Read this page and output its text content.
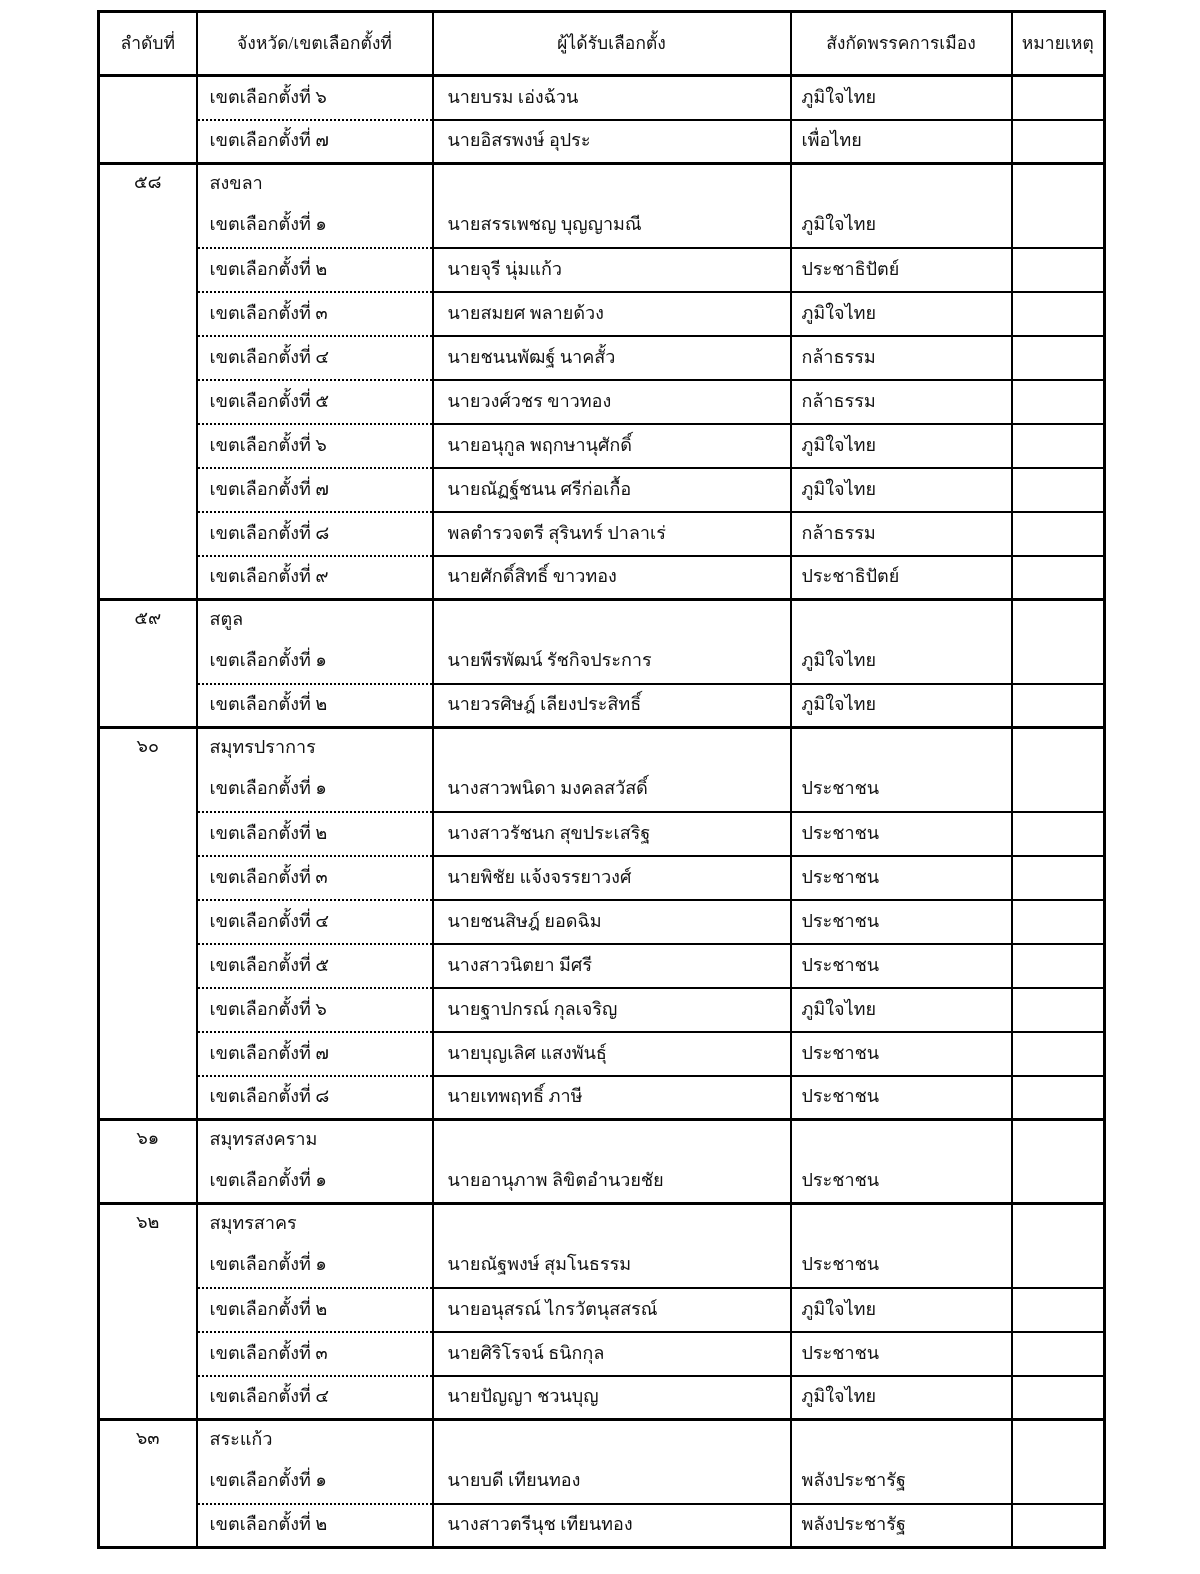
ลำดับที่	จังหวัด/เขตเลือกตั้งที่	ผู้ได้รับเลือกตั้ง	สังกัดพรรคการเมือง	หมายเหตุ
	เขตเลือกตั้งที่ ๖	นายบรม เอ่งฉ้วน	ภูมิใจไทย	
	เขตเลือกตั้งที่ ๗	นายอิสรพงษ์ อุประ	เพื่อไทย	
๕๘	สงขลา			
	เขตเลือกตั้งที่ ๑	นายสรรเพชญ บุญญามณี	ภูมิใจไทย	
	เขตเลือกตั้งที่ ๒	นายจุรี นุ่มแก้ว	ประชาธิปัตย์	
	เขตเลือกตั้งที่ ๓	นายสมยศ พลายด้วง	ภูมิใจไทย	
	เขตเลือกตั้งที่ ๔	นายชนนพัฒฐ์ นาคสั้ว	กล้าธรรม	
	เขตเลือกตั้งที่ ๕	นายวงศ์วชร ขาวทอง	กล้าธรรม	
	เขตเลือกตั้งที่ ๖	นายอนุกูล พฤกษานุศักดิ์	ภูมิใจไทย	
	เขตเลือกตั้งที่ ๗	นายณัฏฐ์ชนน ศรีก่อเกื้อ	ภูมิใจไทย	
	เขตเลือกตั้งที่ ๘	พลตำรวจตรี สุรินทร์ ปาลาเร่	กล้าธรรม	
	เขตเลือกตั้งที่ ๙	นายศักดิ์สิทธิ์ ขาวทอง	ประชาธิปัตย์	
๕๙	สตูล			
	เขตเลือกตั้งที่ ๑	นายพีรพัฒน์ รัชกิจประการ	ภูมิใจไทย	
	เขตเลือกตั้งที่ ๒	นายวรศิษฎ์ เลียงประสิทธิ์	ภูมิใจไทย	
๖๐	สมุทรปราการ			
	เขตเลือกตั้งที่ ๑	นางสาวพนิดา มงคลสวัสดิ์	ประชาชน	
	เขตเลือกตั้งที่ ๒	นางสาวรัชนก สุขประเสริฐ	ประชาชน	
	เขตเลือกตั้งที่ ๓	นายพิชัย แจ้งจรรยาวงศ์	ประชาชน	
	เขตเลือกตั้งที่ ๔	นายชนสิษฎ์ ยอดฉิม	ประชาชน	
	เขตเลือกตั้งที่ ๕	นางสาวนิตยา มีศรี	ประชาชน	
	เขตเลือกตั้งที่ ๖	นายฐาปกรณ์ กุลเจริญ	ภูมิใจไทย	
	เขตเลือกตั้งที่ ๗	นายบุญเลิศ แสงพันธุ์	ประชาชน	
	เขตเลือกตั้งที่ ๘	นายเทพฤทธิ์ ภาษี	ประชาชน	
๖๑	สมุทรสงคราม			
	เขตเลือกตั้งที่ ๑	นายอานุภาพ ลิขิตอำนวยชัย	ประชาชน	
๖๒	สมุทรสาคร			
	เขตเลือกตั้งที่ ๑	นายณัฐพงษ์ สุมโนธรรม	ประชาชน	
	เขตเลือกตั้งที่ ๒	นายอนุสรณ์ ไกรวัตนุสสรณ์	ภูมิใจไทย	
	เขตเลือกตั้งที่ ๓	นายศิริโรจน์ ธนิกกุล	ประชาชน	
	เขตเลือกตั้งที่ ๔	นายปัญญา ชวนบุญ	ภูมิใจไทย	
๖๓	สระแก้ว			
	เขตเลือกตั้งที่ ๑	นายบดี เทียนทอง	พลังประชารัฐ	
	เขตเลือกตั้งที่ ๒	นางสาวตรีนุช เทียนทอง	พลังประชารัฐ	
